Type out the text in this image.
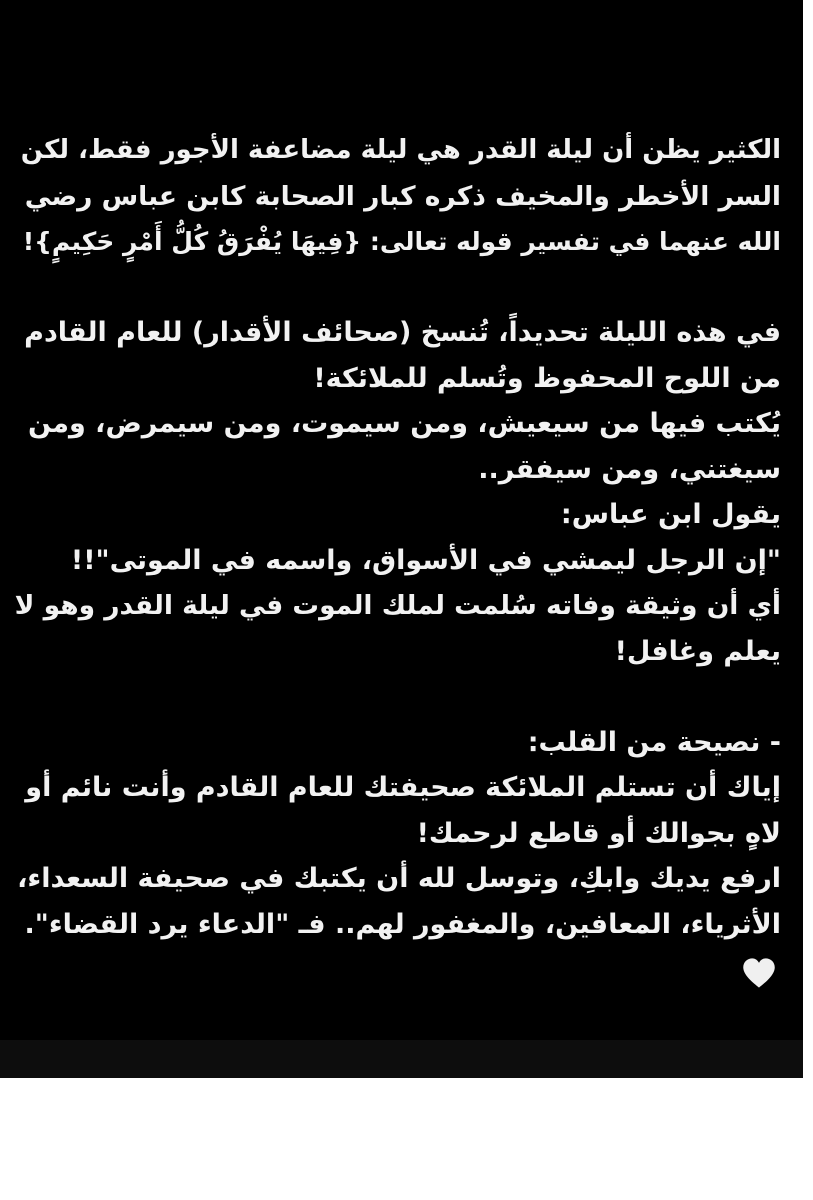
الكثير يظن أن ليلة القدر هي ليلة مضاعفة الأجور فقط، لكن
السر الأخطر والمخيف ذكره كبار الصحابة كابن عباس رضي
الله عنهما في تفسير قوله تعالى: {فِيهَا يُفْرَقُ كُلُّ أَمْرٍ حَكِيمٍ}!
في هذه الليلة تحديداً، تُنسخ (صحائف الأقدار) للعام القادم
من اللوح المحفوظ وتُسلم للملائكة!
يُكتب فيها من سيعيش، ومن سيموت، ومن سيمرض، ومن
سيغتني، ومن سيفقر..
يقول ابن عباس:
"إن الرجل ليمشي في الأسواق، واسمه في الموتى"!!
أي أن وثيقة وفاته سُلمت لملك الموت في ليلة القدر وهو لا
يعلم وغافل!
- نصيحة من القلب:
إياك أن تستلم الملائكة صحيفتك للعام القادم وأنت نائم أو
لاهٍ بجوالك أو قاطع لرحمك!
ارفع يديك وابكِ، وتوسل لله أن يكتبك في صحيفة السعداء،
الأثرياء، المعافين، والمغفور لهم.. فـ "الدعاء يرد القضاء".
